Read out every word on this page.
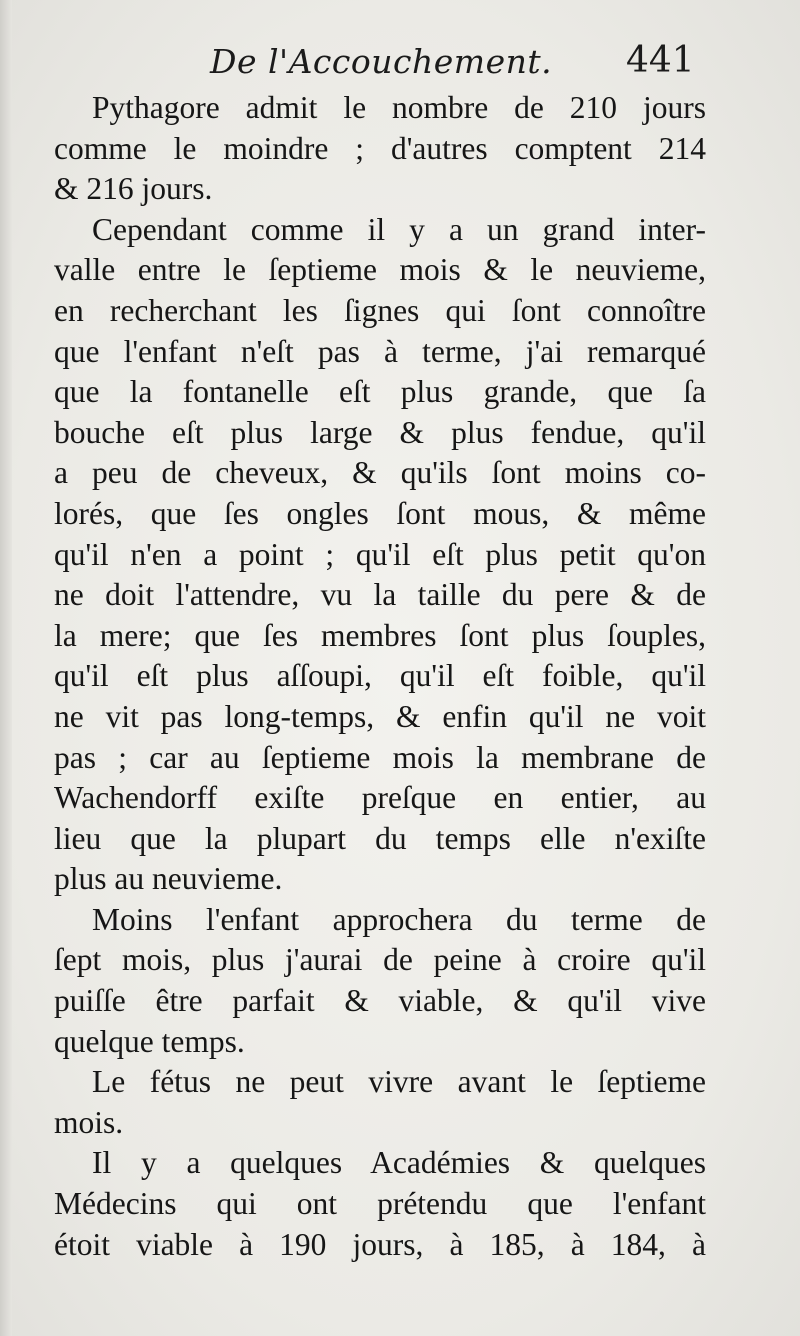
De l'Accouchement. 441
Pythagore admit le nombre de 210 jours
comme le moindre ; d'autres comptent 214
& 216 jours.
Cependant comme il y a un grand inter-
valle entre le ſeptieme mois & le neuvieme,
en recherchant les ſignes qui ſont connoître
que l'enfant n'eſt pas à terme, j'ai remarqué
que la fontanelle eſt plus grande, que ſa
bouche eſt plus large & plus fendue, qu'il
a peu de cheveux, & qu'ils ſont moins co-
lorés, que ſes ongles ſont mous, & même
qu'il n'en a point ; qu'il eſt plus petit qu'on
ne doit l'attendre, vu la taille du pere & de
la mere; que ſes membres ſont plus ſouples,
qu'il eſt plus aſſoupi, qu'il eſt foible, qu'il
ne vit pas long-temps, & enfin qu'il ne voit
pas ; car au ſeptieme mois la membrane de
Wachendorff exiſte preſque en entier, au
lieu que la plupart du temps elle n'exiſte
plus au neuvieme.
Moins l'enfant approchera du terme de
ſept mois, plus j'aurai de peine à croire qu'il
puiſſe être parfait & viable, & qu'il vive
quelque temps.
Le fétus ne peut vivre avant le ſeptieme
mois.
Il y a quelques Académies & quelques
Médecins qui ont prétendu que l'enfant
étoit viable à 190 jours, à 185, à 184, à
